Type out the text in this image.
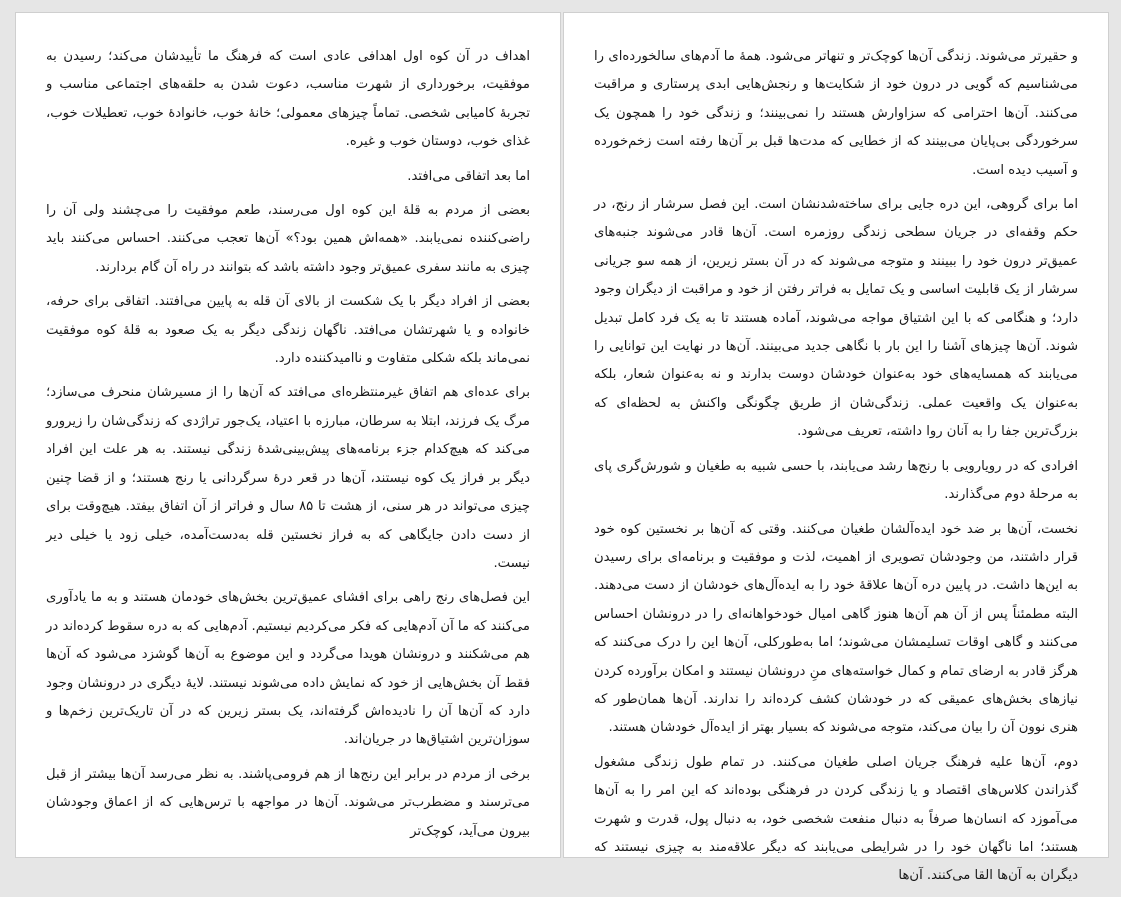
اهداف در آن کوه اول اهدافی عادی است که فرهنگ ما تأییدشان می‌کند؛ رسیدن به موفقیت، برخورداری از شهرت مناسب، دعوت شدن به حلقه‌های اجتماعی مناسب و تجربهٔ کامیابی شخصی. تماماً چیزهای معمولی؛ خانهٔ خوب، خانوادهٔ خوب، تعطیلات خوب، غذای خوب، دوستان خوب و غیره.

اما بعد اتفاقی می‌افتد.

بعضی از مردم به قلهٔ این کوه اول می‌رسند، طعم موفقیت را می‌چشند ولی آن را راضی‌کننده نمی‌یابند. «همه‌اش همین بود؟» آن‌ها تعجب می‌کنند. احساس می‌کنند باید چیزی به مانند سفری عمیق‌تر وجود داشته باشد که بتوانند در راه آن گام بردارند.

بعضی از افراد دیگر با یک شکست از بالای آن قله به پایین می‌افتند. اتفاقی برای حرفه، خانواده و یا شهرتشان می‌افتد. ناگهان زندگی دیگر به یک صعود به قلهٔ کوه موفقیت نمی‌ماند بلکه شکلی متفاوت و ناامیدکننده دارد.

برای عده‌ای هم اتفاق غیرمنتظره‌ای می‌افتد که آن‌ها را از مسیرشان منحرف می‌سازد؛ مرگ یک فرزند، ابتلا به سرطان، مبارزه با اعتیاد، یک‌جور تراژدی که زندگی‌شان را زیرورو می‌کند که هیچ‌کدام جزء برنامه‌های پیش‌بینی‌شدهٔ زندگی نیستند. به هر علت این افراد دیگر بر فراز یک کوه نیستند، آن‌ها در قعر درهٔ سرگردانی یا رنج هستند؛ و از قضا چنین چیزی می‌تواند در هر سنی، از هشت تا ۸۵ سال و فراتر از آن اتفاق بیفتد. هیچ‌وقت برای از دست دادن جایگاهی که به فراز نخستین قله به‌دست‌آمده، خیلی زود یا خیلی دیر نیست.

این فصل‌های رنج راهی برای افشای عمیق‌ترین بخش‌های خودمان هستند و به ما یادآوری می‌کنند که ما آن آدم‌هایی که فکر می‌کردیم نیستیم. آدم‌هایی که به دره سقوط کرده‌اند در هم می‌شکنند و درونشان هویدا می‌گردد و این موضوع به آن‌ها گوشزد می‌شود که آن‌ها فقط آن بخش‌هایی از خود که نمایش داده می‌شوند نیستند. لایهٔ دیگری در درونشان وجود دارد که آن‌ها آن را نادیده‌اش گرفته‌اند، یک بستر زیرین که در آن تاریک‌ترین زخم‌ها و سوزان‌ترین اشتیاق‌ها در جریان‌اند.

برخی از مردم در برابر این رنج‌ها از هم فرومی‌پاشند. به نظر می‌رسد آن‌ها بیشتر از قبل می‌ترسند و مضطرب‌تر می‌شوند. آن‌ها در مواجهه با ترس‌هایی که از اعماق وجودشان بیرون می‌آید، کوچک‌تر

و حقیرتر می‌شوند. زندگی آن‌ها کوچک‌تر و تنهاتر می‌شود. همهٔ ما آدم‌های سالخورده‌ای را می‌شناسیم که گویی در درون خود از شکایت‌ها و رنجش‌هایی ابدی پرستاری و مراقبت می‌کنند. آن‌ها احترامی که سزاوارش هستند را نمی‌بینند؛ و زندگی خود را همچون یک سرخوردگی بی‌پایان می‌بینند که از خطایی که مدت‌ها قبل بر آن‌ها رفته است زخم‌خورده و آسیب دیده است.

اما برای گروهی، این دره جایی برای ساخته‌شدنشان است. این فصل سرشار از رنج، در حکم وقفه‌ای در جریان سطحی زندگی روزمره است. آن‌ها قادر می‌شوند جنبه‌های عمیق‌تر درون خود را ببینند و متوجه می‌شوند که در آن بستر زیرین، از همه سو جریانی سرشار از یک قابلیت اساسی و یک تمایل به فراتر رفتن از خود و مراقبت از دیگران وجود دارد؛ و هنگامی که با این اشتیاق مواجه می‌شوند، آماده هستند تا به یک فرد کامل تبدیل شوند. آن‌ها چیزهای آشنا را این بار با نگاهی جدید می‌بینند. آن‌ها در نهایت این توانایی را می‌یابند که همسایه‌های خود به‌عنوان خودشان دوست بدارند و نه به‌عنوان شعار، بلکه به‌عنوان یک واقعیت عملی. زندگی‌شان از طریق چگونگی واکنش به لحظه‌ای که بزرگ‌ترین جفا را به آنان روا داشته، تعریف می‌شود.

افرادی که در رویارویی با رنج‌ها رشد می‌یابند، با حسی شبیه به طغیان و شورش‌گری پای به مرحلهٔ دوم می‌گذارند.

نخست، آن‌ها بر ضد خود ایده‌آلشان طغیان می‌کنند. وقتی که آن‌ها بر نخستین کوه خود قرار داشتند، من وجودشان تصویری از اهمیت، لذت و موفقیت و برنامه‌ای برای رسیدن به این‌ها داشت. در پایین دره آن‌ها علاقهٔ خود را به ایده‌آل‌های خودشان از دست می‌دهند. البته مطمئناً پس از آن هم آن‌ها هنوز گاهی امیال خودخواهانه‌ای را در درونشان احساس می‌کنند و گاهی اوقات تسلیمشان می‌شوند؛ اما به‌طورکلی، آن‌ها این را درک می‌کنند که هرگز قادر به ارضای تمام و کمال خواسته‌های منِ درونشان نیستند و امکان برآورده کردن نیازهای بخش‌های عمیقی که در خودشان کشف کرده‌اند را ندارند. آن‌ها همان‌طور که هنری نوون آن را بیان می‌کند، متوجه می‌شوند که بسیار بهتر از ایده‌آل خودشان هستند.

دوم، آن‌ها علیه فرهنگ جریان اصلی طغیان می‌کنند. در تمام طول زندگی مشغول گذراندن کلاس‌های اقتصاد و یا زندگی کردن در فرهنگی بوده‌اند که این امر را به آن‌ها می‌آموزد که انسان‌ها صرفاً به دنبال منفعت شخصی خود، به دنبال پول، قدرت و شهرت هستند؛ اما ناگهان خود را در شرایطی می‌یابند که دیگر علاقه‌مند به چیزی نیستند که دیگران به آن‌ها القا می‌کنند. آن‌ها
